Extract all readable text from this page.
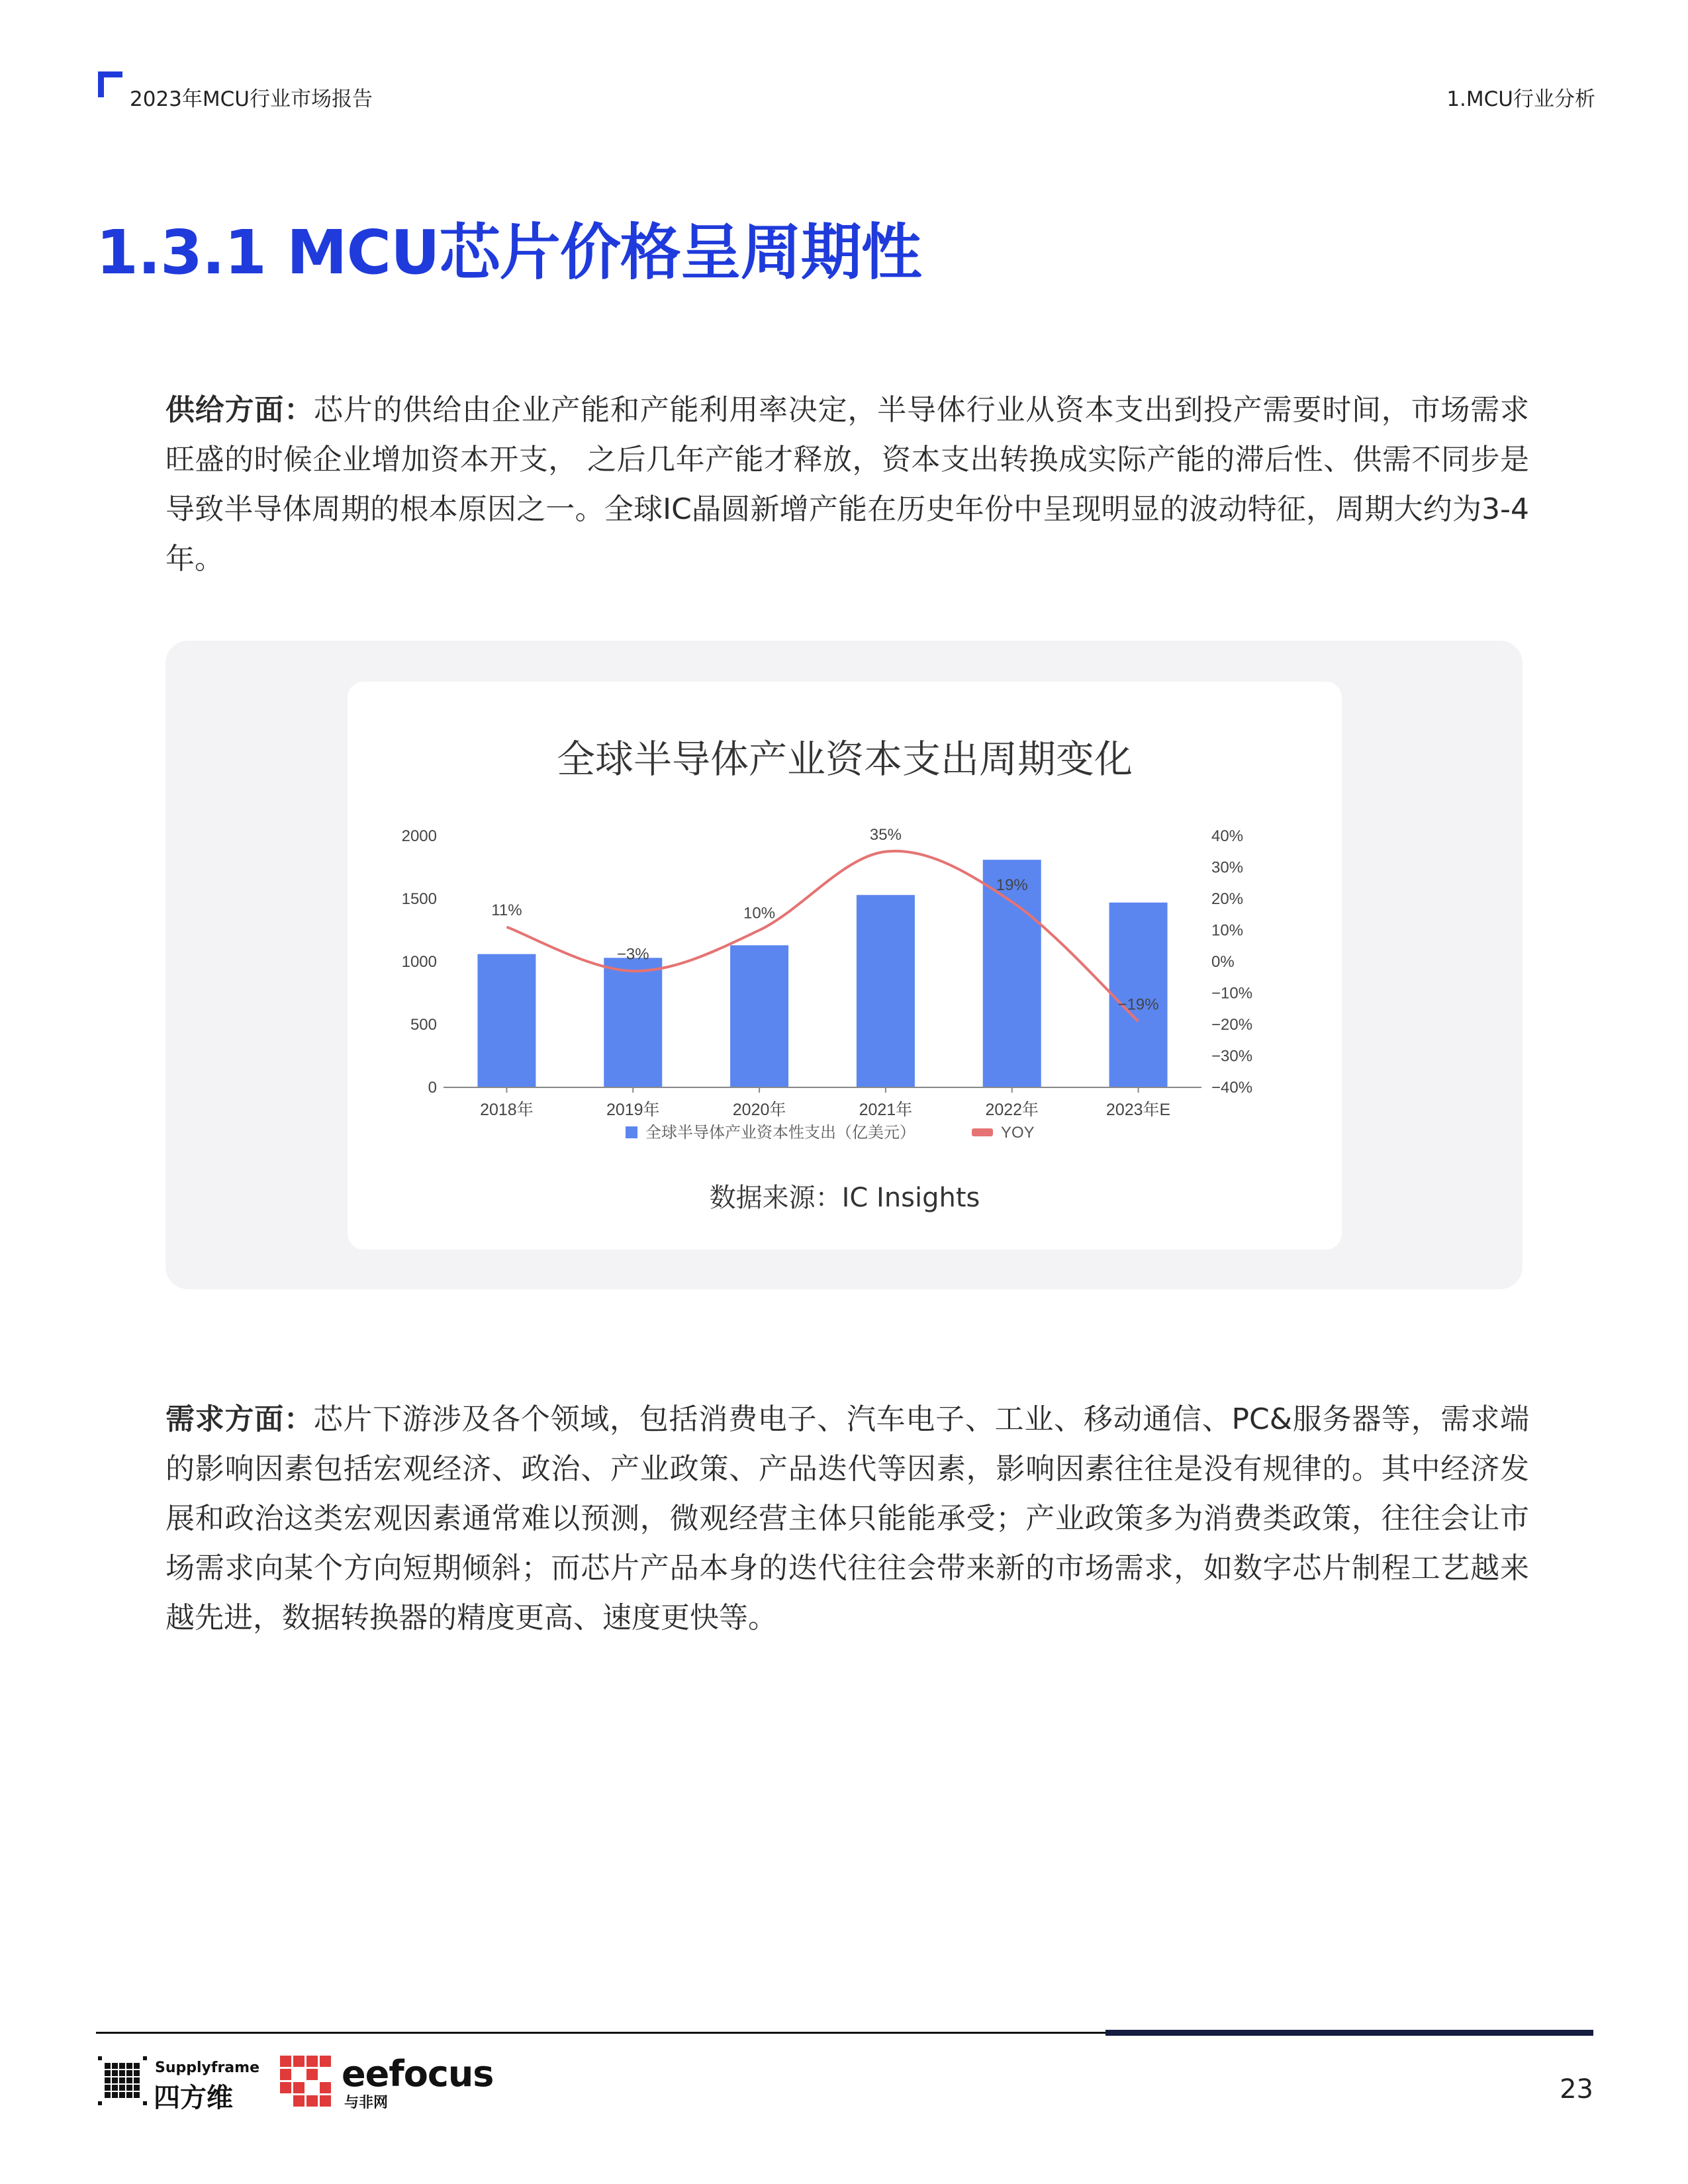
2023年MCU行业市场报告	1.MCU行业分析
1.3.1 MCU芯片价格呈周期性
供给方面：芯片的供给由企业产能和产能利用率决定，半导体行业从资本支出到投产需要时间，市场需求旺盛的时候企业增加资本开支， 之后几年产能才释放，资本支出转换成实际产能的滞后性、供需不同步是导致半导体周期的根本原因之一。全球IC晶圆新增产能在历史年份中呈现明显的波动特征，周期大约为3-4年。
全球半导体产业资本支出周期变化
0
500
1000
1500
2000
−40%
−30%
−20%
−10%
0%
10%
20%
30%
40%
2018年	2019年	2020年	2021年	2022年	2023年E
11%
−3%
10%
35%
19%
−19%
全球半导体产业资本性支出（亿美元）	YOY
数据来源：IC Insights
需求方面：芯片下游涉及各个领域，包括消费电子、汽车电子、工业、移动通信、PC&服务器等，需求端的影响因素包括宏观经济、政治、产业政策、产品迭代等因素，影响因素往往是没有规律的。其中经济发展和政治这类宏观因素通常难以预测，微观经营主体只能能承受；产业政策多为消费类政策，往往会让市场需求向某个方向短期倾斜；而芯片产品本身的迭代往往会带来新的市场需求，如数字芯片制程工艺越来越先进，数据转换器的精度更高、速度更快等。
Supplyframe
四方维
eefocus
与非网	23
